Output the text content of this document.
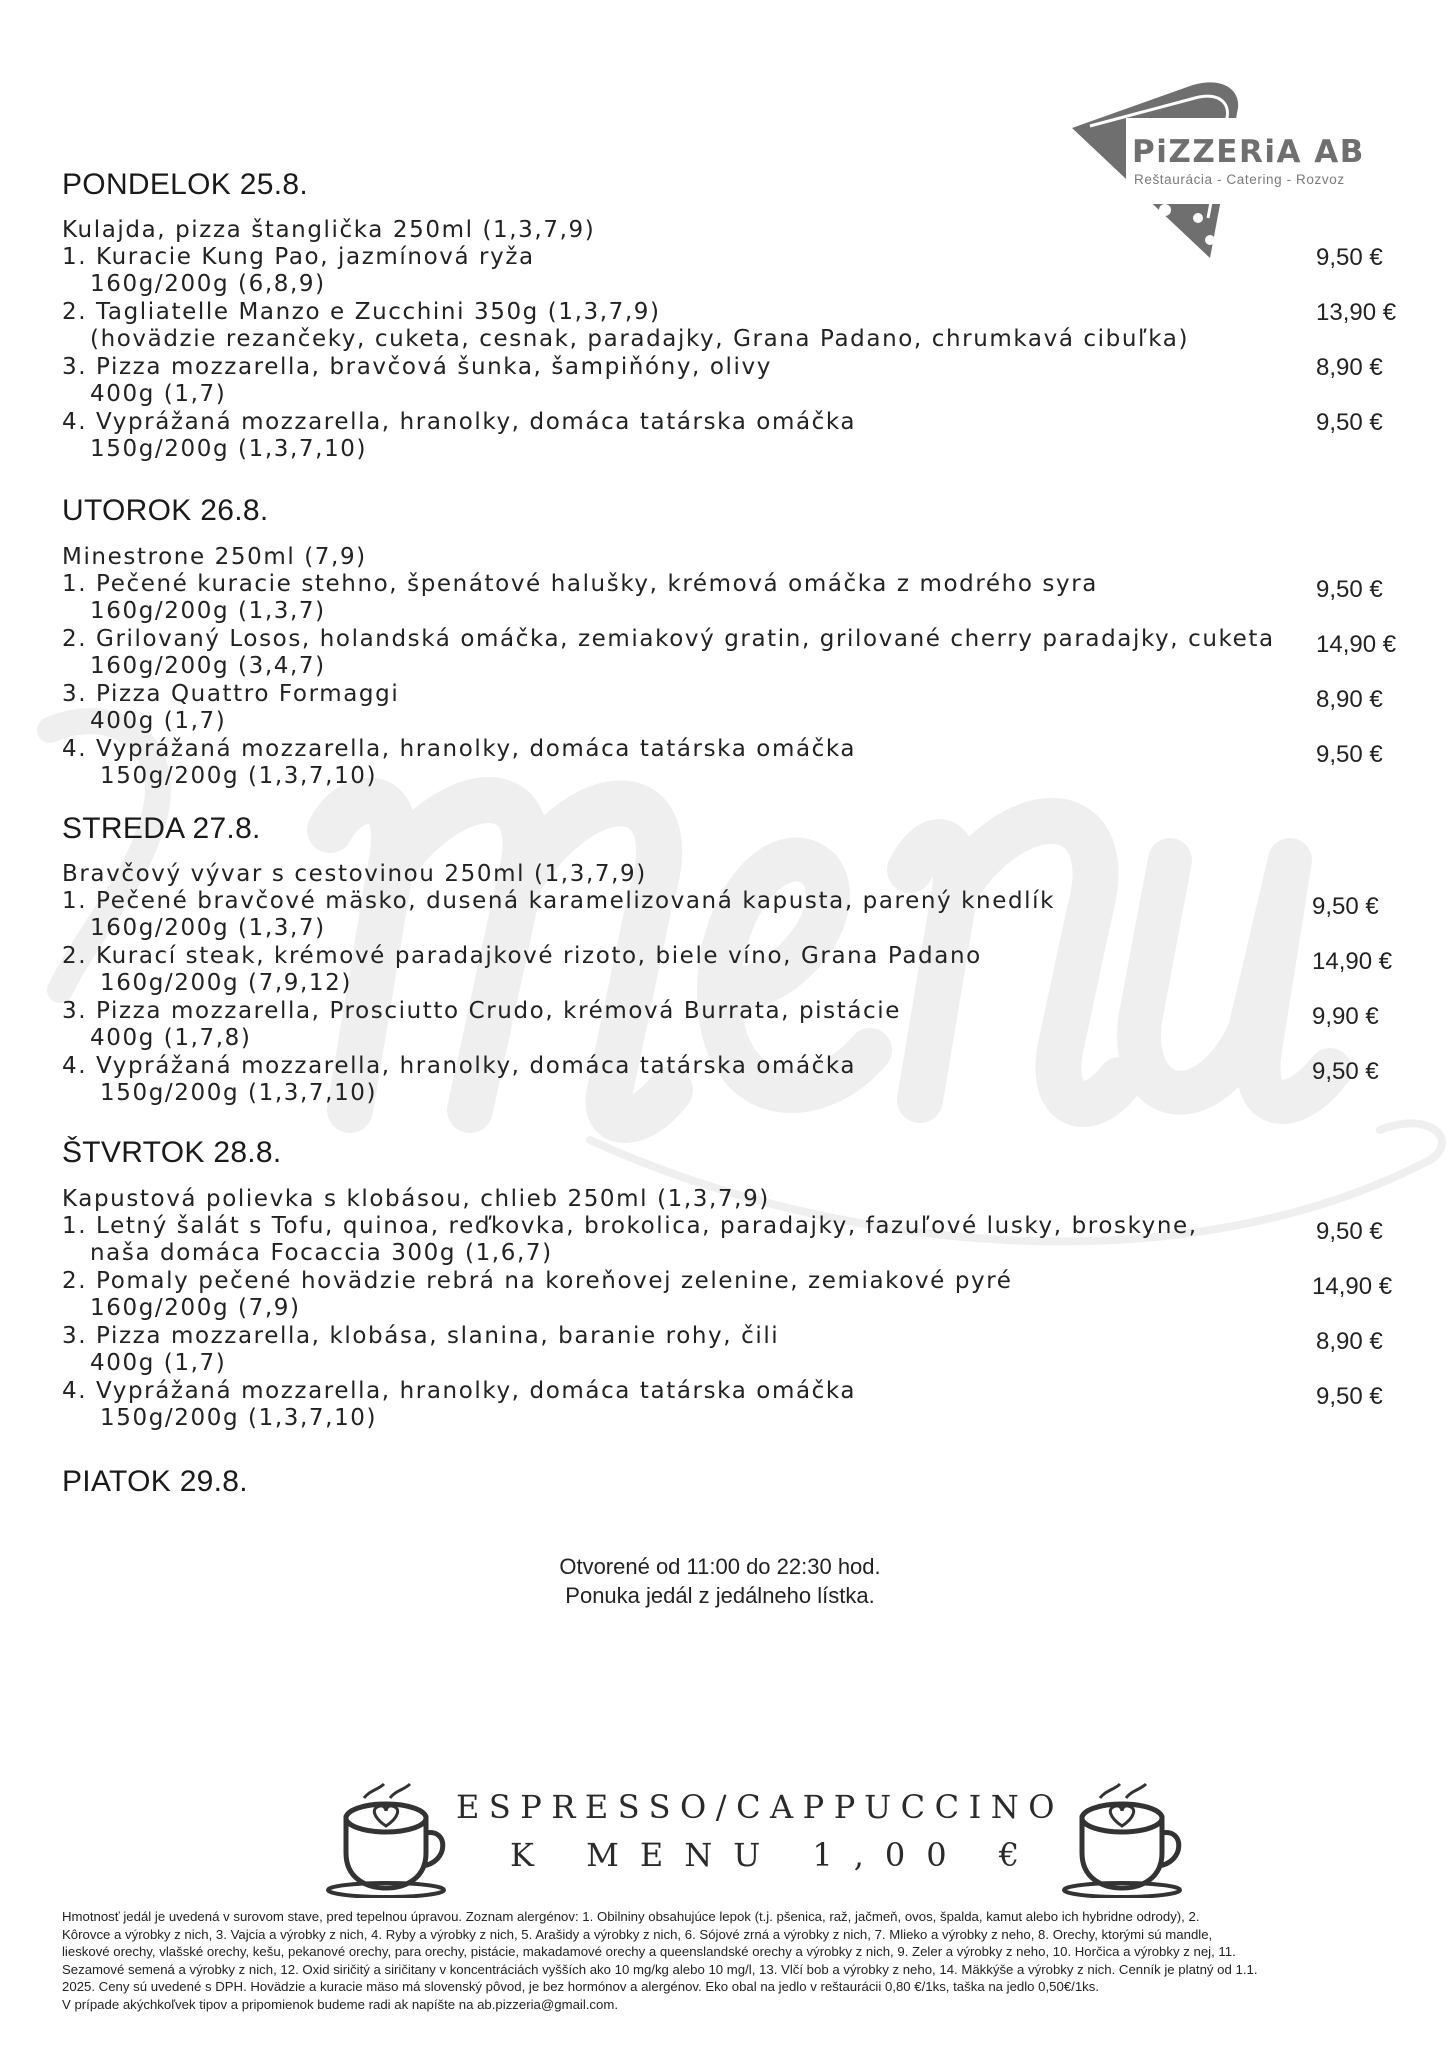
PiZZERiA AB
Reštaurácia - Catering - Rozvoz
PONDELOK 25.8.
Kulajda, pizza štanglička 250ml (1,3,7,9)
1. Kuracie Kung Pao, jazmínová ryža	9,50 €
160g/200g (6,8,9)
2. Tagliatelle Manzo e Zucchini 350g (1,3,7,9)	13,90 €
(hovädzie rezančeky, cuketa, cesnak, paradajky, Grana Padano, chrumkavá cibuľka)
3. Pizza mozzarella, bravčová šunka, šampiňóny, olivy	8,90 €
400g (1,7)
4. Vyprážaná mozzarella, hranolky, domáca tatárska omáčka	9,50 €
150g/200g (1,3,7,10)
UTOROK 26.8.
Minestrone 250ml (7,9)
1. Pečené kuracie stehno, špenátové halušky, krémová omáčka z modrého syra	9,50 €
160g/200g (1,3,7)
2. Grilovaný Losos, holandská omáčka, zemiakový gratin, grilované cherry paradajky, cuketa 14,90 €
160g/200g (3,4,7)
3. Pizza Quattro Formaggi	8,90 €
400g (1,7)
4. Vyprážaná mozzarella, hranolky, domáca tatárska omáčka	9,50 €
150g/200g (1,3,7,10)
STREDA 27.8.
Bravčový vývar s cestovinou 250ml (1,3,7,9)
1. Pečené bravčové mäsko, dusená karamelizovaná kapusta, parený knedlík	9,50 €
160g/200g (1,3,7)
2. Kurací steak, krémové paradajkové rizoto, biele víno, Grana Padano	14,90 €
160g/200g (7,9,12)
3. Pizza mozzarella, Prosciutto Crudo, krémová Burrata, pistácie	9,90 €
400g (1,7,8)
4. Vyprážaná mozzarella, hranolky, domáca tatárska omáčka	9,50 €
150g/200g (1,3,7,10)
ŠTVRTOK 28.8.
Kapustová polievka s klobásou, chlieb 250ml (1,3,7,9)
1. Letný šalát s Tofu, quinoa, reďkovka, brokolica, paradajky, fazuľové lusky, broskyne,	9,50 €
naša domáca Focaccia 300g (1,6,7)
2. Pomaly pečené hovädzie rebrá na koreňovej zelenine, zemiakové pyré	14,90 €
160g/200g (7,9)
3. Pizza mozzarella, klobása, slanina, baranie rohy, čili	8,90 €
400g (1,7)
4. Vyprážaná mozzarella, hranolky, domáca tatárska omáčka	9,50 €
150g/200g (1,3,7,10)
PIATOK 29.8.
Otvorené od 11:00 do 22:30 hod.
Ponuka jedál z jedálneho lístka.
ESPRESSO/CAPPUCCINO
K MENU 1,00 €
Hmotnosť jedál je uvedená v surovom stave, pred tepelnou úpravou. Zoznam alergénov: 1. Obilniny obsahujúce lepok (t.j. pšenica, raž, jačmeň, ovos, špalda, kamut alebo ich hybridne odrody), 2.
Kôrovce a výrobky z nich, 3. Vajcia a výrobky z nich, 4. Ryby a výrobky z nich, 5. Arašidy a výrobky z nich, 6. Sójové zrná a výrobky z nich, 7. Mlieko a výrobky z neho, 8. Orechy, ktorými sú mandle,
lieskové orechy, vlašské orechy, kešu, pekanové orechy, para orechy, pistácie, makadamové orechy a queenslandské orechy a výrobky z nich, 9. Zeler a výrobky z neho, 10. Horčica a výrobky z nej, 11.
Sezamové semená a výrobky z nich, 12. Oxid siričitý a siričitany v koncentráciách vyšších ako 10 mg/kg alebo 10 mg/l, 13. Vlčí bob a výrobky z neho, 14. Mäkkýše a výrobky z nich. Cenník je platný od 1.1.
2025. Ceny sú uvedené s DPH. Hovädzie a kuracie mäso má slovenský pôvod, je bez hormónov a alergénov. Eko obal na jedlo v reštaurácii 0,80 €/1ks, taška na jedlo 0,50€/1ks.
V prípade akýchkoľvek tipov a pripomienok budeme radi ak napíšte na ab.pizzeria@gmail.com.
